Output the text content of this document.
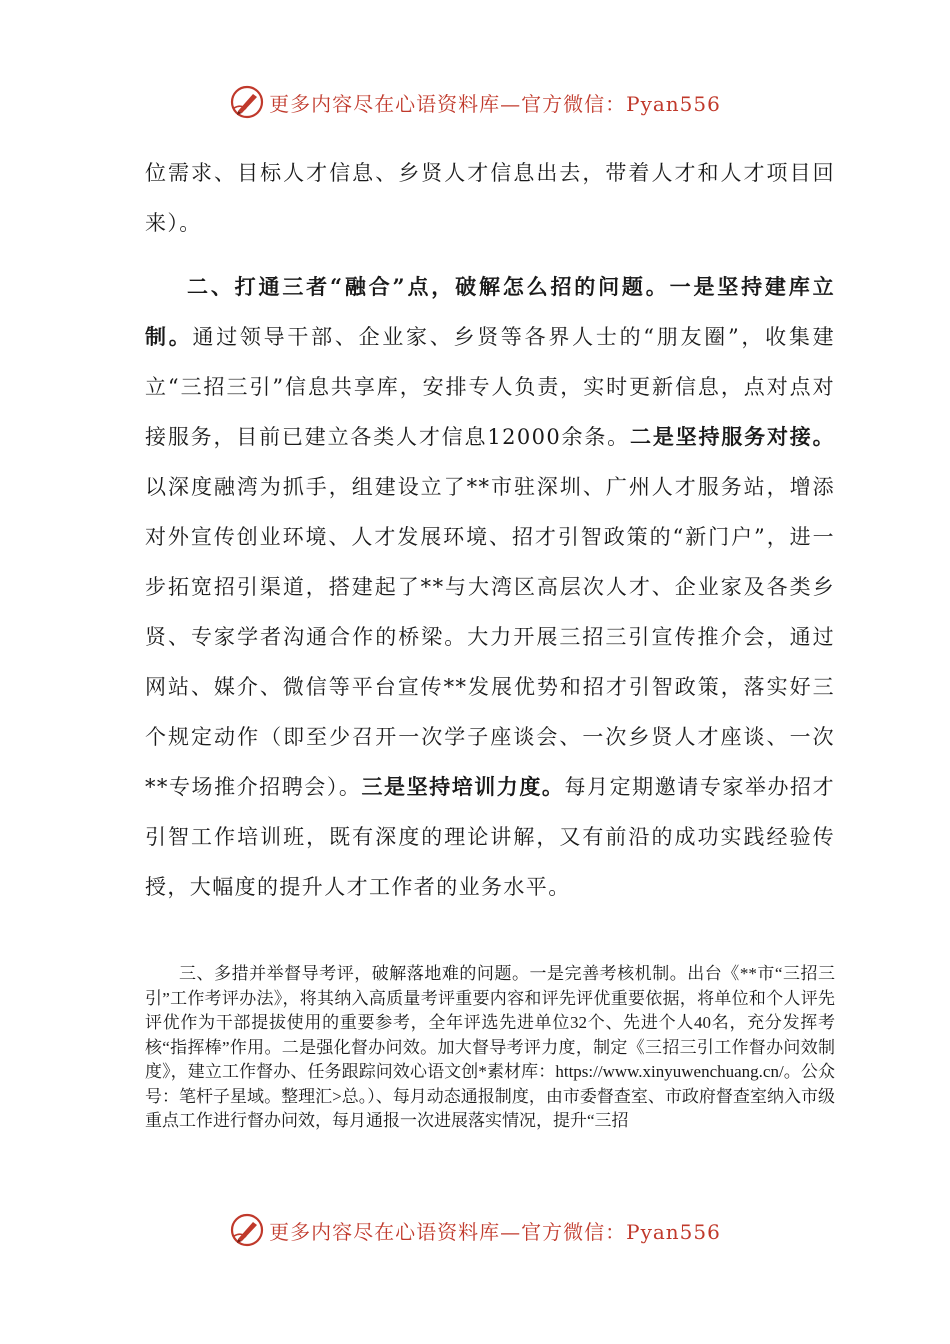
更多内容尽在心语资料库—官方微信：Pyan556

位需求、目标人才信息、乡贤人才信息出去，带着人才和人才项目回来）。

二、打通三者“融合”点，破解怎么招的问题。一是坚持建库立制。通过领导干部、企业家、乡贤等各界人士的“朋友圈”，收集建立“三招三引”信息共享库，安排专人负责，实时更新信息，点对点对接服务，目前已建立各类人才信息12000余条。二是坚持服务对接。以深度融湾为抓手，组建设立了**市驻深圳、广州人才服务站，增添对外宣传创业环境、人才发展环境、招才引智政策的“新门户”，进一步拓宽招引渠道，搭建起了**与大湾区高层次人才、企业家及各类乡贤、专家学者沟通合作的桥梁。大力开展三招三引宣传推介会，通过网站、媒介、微信等平台宣传**发展优势和招才引智政策，落实好三个规定动作（即至少召开一次学子座谈会、一次乡贤人才座谈、一次**专场推介招聘会）。三是坚持培训力度。每月定期邀请专家举办招才引智工作培训班，既有深度的理论讲解，又有前沿的成功实践经验传授，大幅度的提升人才工作者的业务水平。

三、多措并举督导考评，破解落地难的问题。一是完善考核机制。出台《**市“三招三引”工作考评办法》，将其纳入高质量考评重要内容和评先评优重要依据，将单位和个人评先评优作为干部提拔使用的重要参考，全年评选先进单位32个、先进个人40名，充分发挥考核“指挥棒”作用。二是强化督办问效。加大督导考评力度，制定《三招三引工作督办问效制度》，建立工作督办、任务跟踪问效心语文创*素材库：https://www.xinyuwenchuang.cn/。公众号：笔杆子星域。整理汇>总。）、每月动态通报制度，由市委督查室、市政府督查室纳入市级重点工作进行督办问效，每月通报一次进展落实情况，提升“三招

更多内容尽在心语资料库—官方微信：Pyan556
